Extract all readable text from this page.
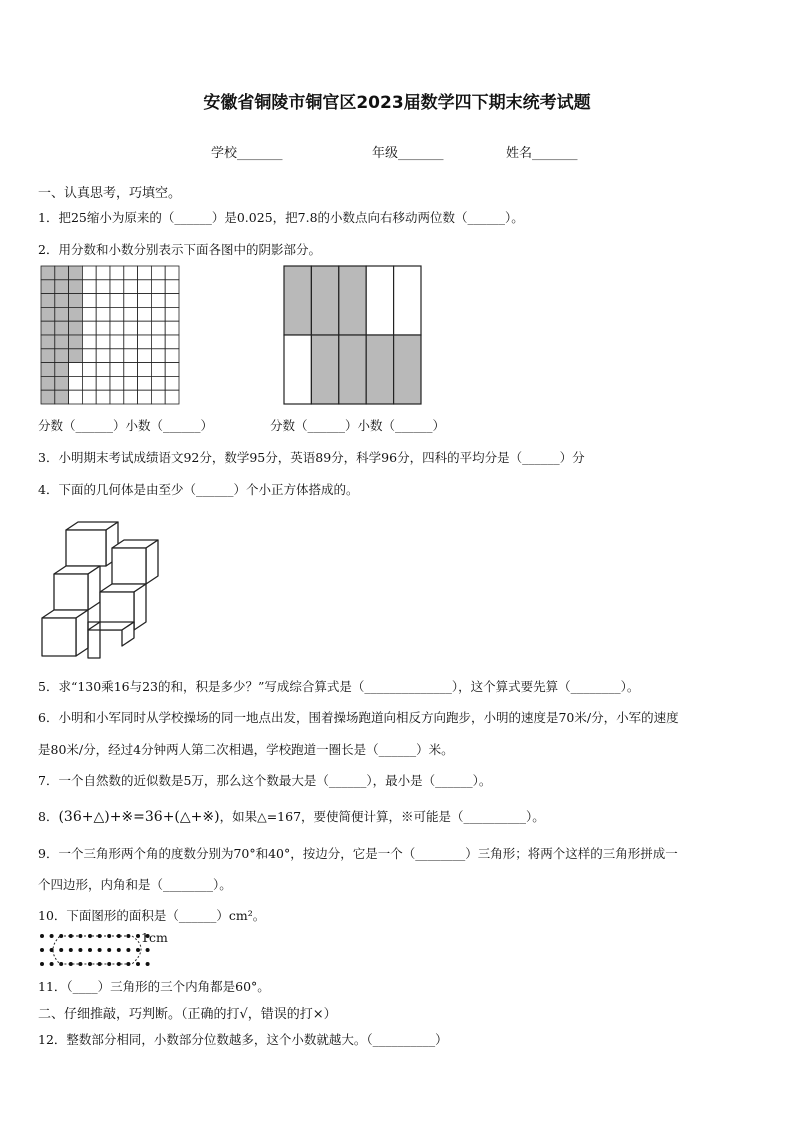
安徽省铜陵市铜官区2023届数学四下期末统考试题
学校_______	年级_______	姓名_______
一、认真思考，巧填空。
1．把25缩小为原来的（______）是0.025，把7.8的小数点向右移动两位数（______）。
2．用分数和小数分别表示下面各图中的阴影部分。
分数（______）小数（______）	分数（______）小数（______）
3．小明期末考试成绩语文92分，数学95分，英语89分，科学96分，四科的平均分是（______）分
4．下面的几何体是由至少（______）个小正方体搭成的。
5．求“130乘16与23的和，积是多少？”写成综合算式是（______________），这个算式要先算（________）。
6．小明和小军同时从学校操场的同一地点出发，围着操场跑道向相反方向跑步，小明的速度是70米/分，小军的速度
是80米/分，经过4分钟两人第二次相遇，学校跑道一圈长是（______）米。
7．一个自然数的近似数是5万，那么这个数最大是（______），最小是（______）。
8．(36+△)+※=36+(△+※)，如果△=167，要使简便计算，※可能是（__________）。
9．一个三角形两个角的度数分别为70°和40°，按边分，它是一个（________）三角形；将两个这样的三角形拼成一
个四边形，内角和是（________）。
10．下面图形的面积是（______）cm²。
1cm
11．（____）三角形的三个内角都是60°。
二、仔细推敲，巧判断。（正确的打√，错误的打×）
12．整数部分相同，小数部分位数越多，这个小数就越大。（__________）
